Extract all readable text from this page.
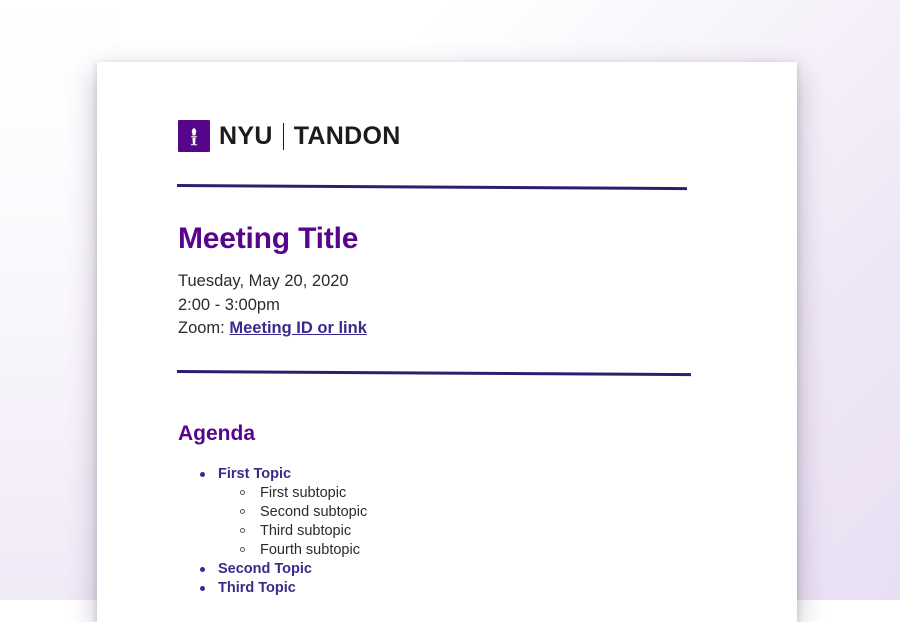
NYU TANDON
Meeting Title
Tuesday, May 20, 2020
2:00 - 3:00pm
Zoom: Meeting ID or link
Agenda
First Topic
First subtopic
Second subtopic
Third subtopic
Fourth subtopic
Second Topic
Third Topic
